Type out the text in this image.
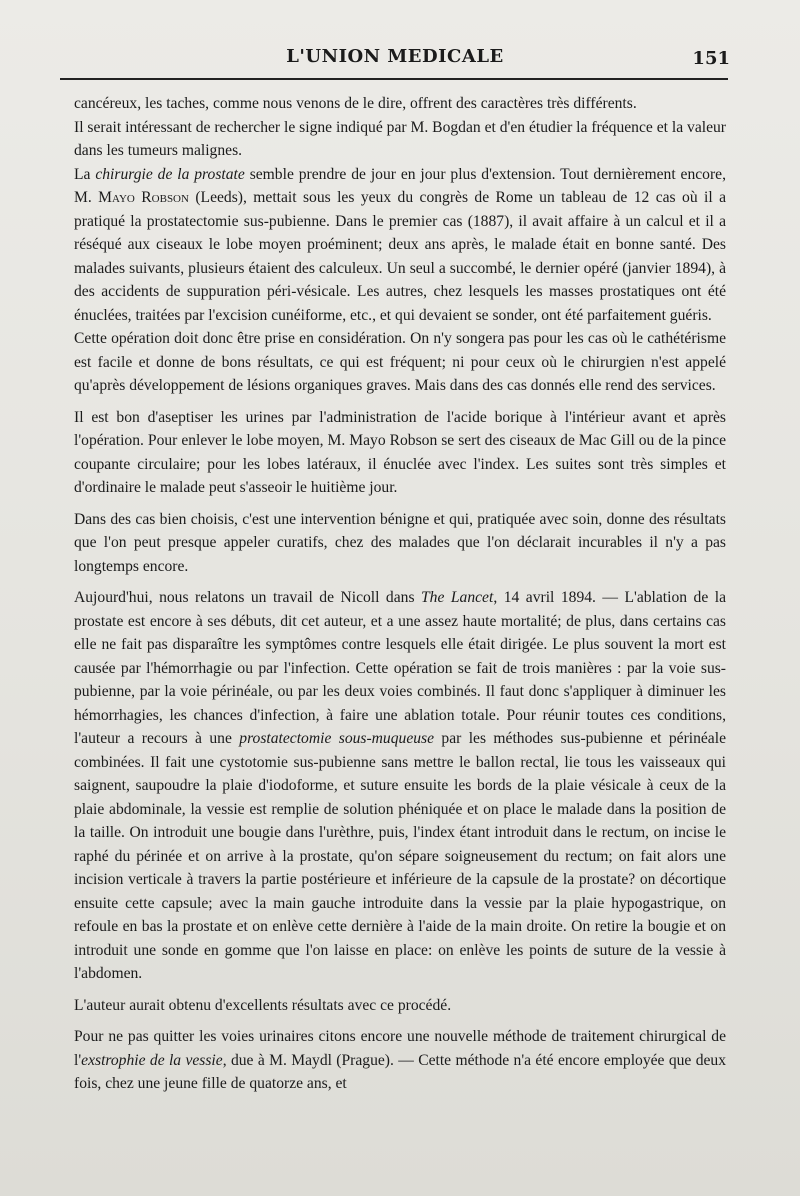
L'UNION MEDICALE	151

cancéreux, les taches, comme nous venons de le dire, offrent des caractères très différents.

Il serait intéressant de rechercher le signe indiqué par M. Bogdan et d'en étudier la fréquence et la valeur dans les tumeurs malignes.

La chirurgie de la prostate semble prendre de jour en jour plus d'extension. Tout dernièrement encore, M. Mayo Robson (Leeds), mettait sous les yeux du congrès de Rome un tableau de 12 cas où il a pratiqué la prostatectomie sus-pubienne. Dans le premier cas (1887), il avait affaire à un calcul et il a réséqué aux ciseaux le lobe moyen proéminent; deux ans après, le malade était en bonne santé. Des malades suivants, plusieurs étaient des calculeux. Un seul a succombé, le dernier opéré (janvier 1894), à des accidents de suppuration péri-vésicale. Les autres, chez lesquels les masses prostatiques ont été énuclées, traitées par l'excision cunéiforme, etc., et qui devaient se sonder, ont été parfaitement guéris.

Cette opération doit donc être prise en considération. On n'y songera pas pour les cas où le cathétérisme est facile et donne de bons résultats, ce qui est fréquent; ni pour ceux où le chirurgien n'est appelé qu'après développement de lésions organiques graves. Mais dans des cas donnés elle rend des services.

Il est bon d'aseptiser les urines par l'administration de l'acide borique à l'intérieur avant et après l'opération. Pour enlever le lobe moyen, M. Mayo Robson se sert des ciseaux de Mac Gill ou de la pince coupante circulaire; pour les lobes latéraux, il énuclée avec l'index. Les suites sont très simples et d'ordinaire le malade peut s'asseoir le huitième jour.

Dans des cas bien choisis, c'est une intervention bénigne et qui, pratiquée avec soin, donne des résultats que l'on peut presque appeler curatifs, chez des malades que l'on déclarait incurables il n'y a pas longtemps encore.

Aujourd'hui, nous relatons un travail de Nicoll dans The Lancet, 14 avril 1894. — L'ablation de la prostate est encore à ses débuts, dit cet auteur, et a une assez haute mortalité; de plus, dans certains cas elle ne fait pas disparaître les symptômes contre lesquels elle était dirigée. Le plus souvent la mort est causée par l'hémorrhagie ou par l'infection. Cette opération se fait de trois manières : par la voie sus-pubienne, par la voie périnéale, ou par les deux voies combinés. Il faut donc s'appliquer à diminuer les hémorrhagies, les chances d'infection, à faire une ablation totale. Pour réunir toutes ces conditions, l'auteur a recours à une prostatectomie sous-muqueuse par les méthodes sus-pubienne et périnéale combinées. Il fait une cystotomie sus-pubienne sans mettre le ballon rectal, lie tous les vaisseaux qui saignent, saupoudre la plaie d'iodoforme, et suture ensuite les bords de la plaie vésicale à ceux de la plaie abdominale, la vessie est remplie de solution phéniquée et on place le malade dans la position de la taille. On introduit une bougie dans l'urèthre, puis, l'index étant introduit dans le rectum, on incise le raphé du périnée et on arrive à la prostate, qu'on sépare soigneusement du rectum; on fait alors une incision verticale à travers la partie postérieure et inférieure de la capsule de la prostate? on décortique ensuite cette capsule; avec la main gauche introduite dans la vessie par la plaie hypogastrique, on refoule en bas la prostate et on enlève cette dernière à l'aide de la main droite. On retire la bougie et on introduit une sonde en gomme que l'on laisse en place: on enlève les points de suture de la vessie à l'abdomen.

L'auteur aurait obtenu d'excellents résultats avec ce procédé.

Pour ne pas quitter les voies urinaires citons encore une nouvelle méthode de traitement chirurgical de l'exstrophie de la vessie, due à M. Maydl (Prague). — Cette méthode n'a été encore employée que deux fois, chez une jeune fille de quatorze ans, et
